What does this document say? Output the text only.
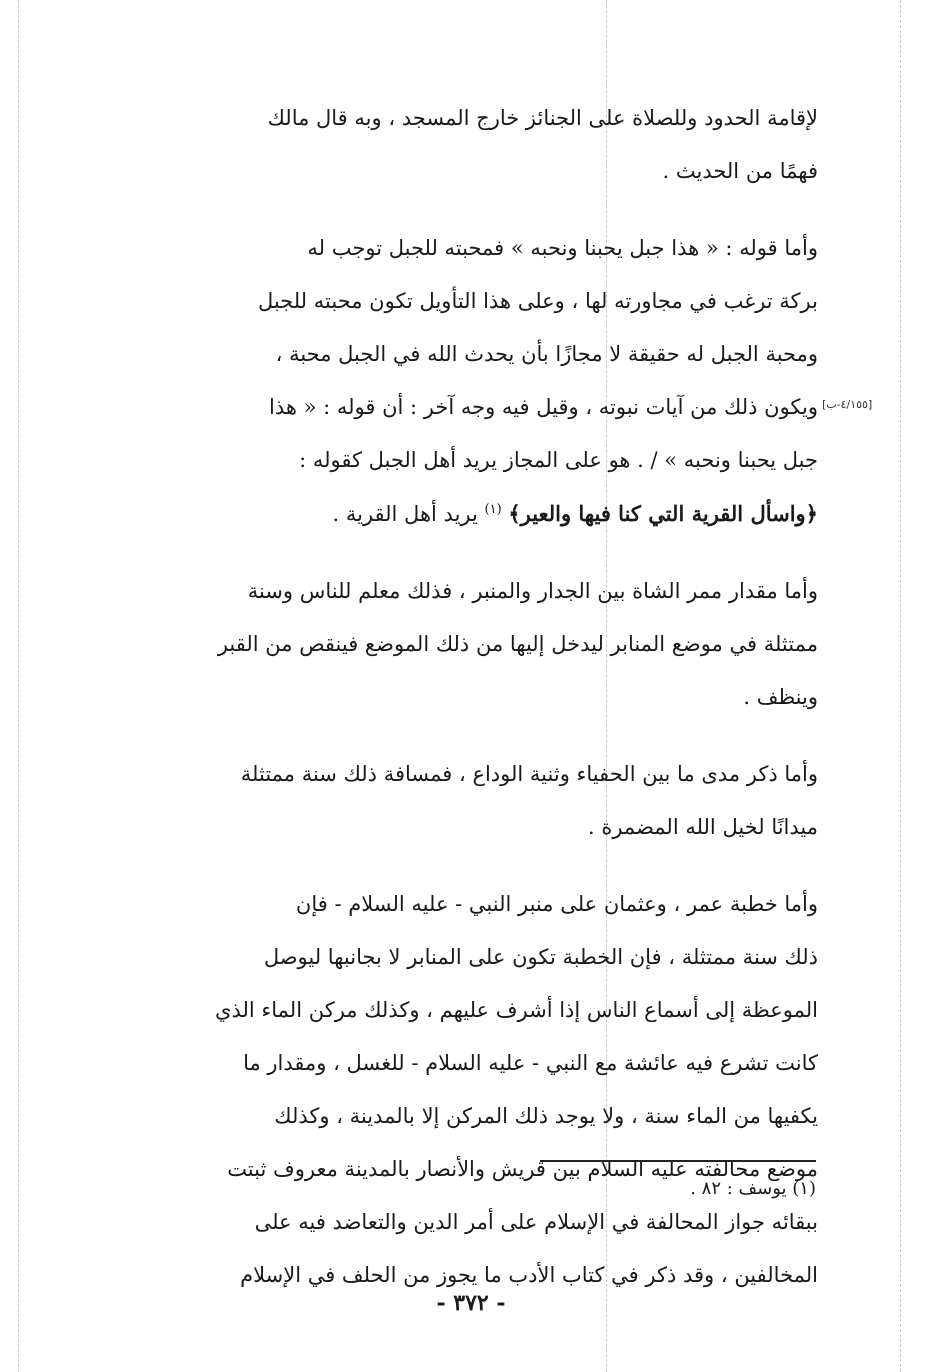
لإقامة الحدود وللصلاة على الجنائز خارج المسجد ، وبه قال مالك
فهمًا من الحديث .
وأما قوله : « هذا جبل يحبنا ونحبه » فمحبته للجبل توجب له
بركة ترغب في مجاورته لها ، وعلى هذا التأويل تكون محبته للجبل
ومحبة الجبل له حقيقة لا مجازًا بأن يحدث الله في الجبل محبة ،
ويكون ذلك من آيات نبوته ، وقيل فيه وجه آخر : أن قوله : « هذا
جبل يحبنا ونحبه » / . هو على المجاز يريد أهل الجبل كقوله :
﴿واسأل القرية التي كنا فيها والعير﴾ $^{(١)}$ يريد أهل القرية .
وأما مقدار ممر الشاة بين الجدار والمنبر ، فذلك معلم للناس وسنة
ممتثلة في موضع المنابر ليدخل إليها من ذلك الموضع فينقص من القبر
وينظف .
وأما ذكر مدى ما بين الحفياء وثنية الوداع ، فمسافة ذلك سنة ممتثلة
ميدانًا لخيل الله المضمرة .
وأما خطبة عمر ، وعثمان على منبر النبي - عليه السلام - فإن
ذلك سنة ممتثلة ، فإن الخطبة تكون على المنابر لا بجانبها ليوصل
الموعظة إلى أسماع الناس إذا أشرف عليهم ، وكذلك مركن الماء الذي
كانت تشرع فيه عائشة مع النبي - عليه السلام - للغسل ، ومقدار ما
يكفيها من الماء سنة ، ولا يوجد ذلك المركن إلا بالمدينة ، وكذلك
موضع محالفته عليه السلام بين قريش والأنصار بالمدينة معروف ثبتت
ببقائه جواز المحالفة في الإسلام على أمر الدين والتعاضد فيه على
المخالفين ، وقد ذكر في كتاب الأدب ما يجوز من الحلف في الإسلام
[٤/١٥٥-ب]
(١) يوسف : ٨٢ .
- ٣٧٢ -
